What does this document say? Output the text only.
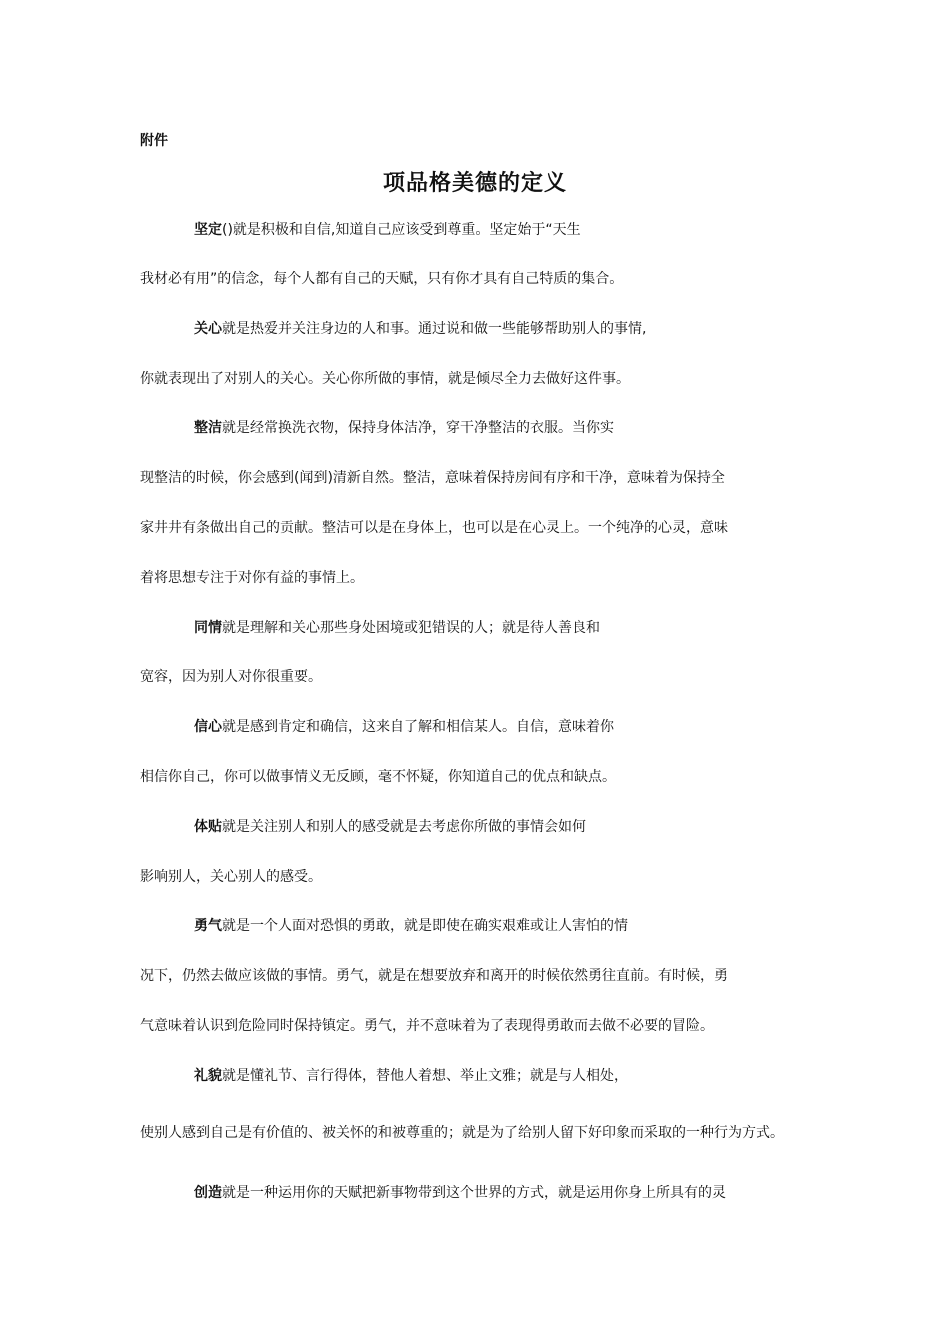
附件
项品格美德的定义
坚定()就是积极和自信,知道自己应该受到尊重。坚定始于“天生
我材必有用”的信念，每个人都有自己的天赋，只有你才具有自己特质的集合。
关心就是热爱并关注身边的人和事。通过说和做一些能够帮助别人的事情,
你就表现出了对别人的关心。关心你所做的事情，就是倾尽全力去做好这件事。
整洁就是经常换洗衣物，保持身体洁净，穿干净整洁的衣服。当你实
现整洁的时候，你会感到(闻到)清新自然。整洁，意味着保持房间有序和干净，意味着为保持全
家井井有条做出自己的贡献。整洁可以是在身体上，也可以是在心灵上。一个纯净的心灵，意味
着将思想专注于对你有益的事情上。
同情就是理解和关心那些身处困境或犯错误的人；就是待人善良和
宽容，因为别人对你很重要。
信心就是感到肯定和确信，这来自了解和相信某人。自信，意味着你
相信你自己，你可以做事情义无反顾，毫不怀疑，你知道自己的优点和缺点。
体贴就是关注别人和别人的感受就是去考虑你所做的事情会如何
影响别人，关心别人的感受。
勇气就是一个人面对恐惧的勇敢，就是即使在确实艰难或让人害怕的情
况下，仍然去做应该做的事情。勇气，就是在想要放弃和离开的时候依然勇往直前。有时候，勇
气意味着认识到危险同时保持镇定。勇气，并不意味着为了表现得勇敢而去做不必要的冒险。
礼貌就是懂礼节、言行得体，替他人着想、举止文雅；就是与人相处，
使别人感到自己是有价值的、被关怀的和被尊重的；就是为了给别人留下好印象而采取的一种行为方式。
创造就是一种运用你的天赋把新事物带到这个世界的方式，就是运用你身上所具有的灵
